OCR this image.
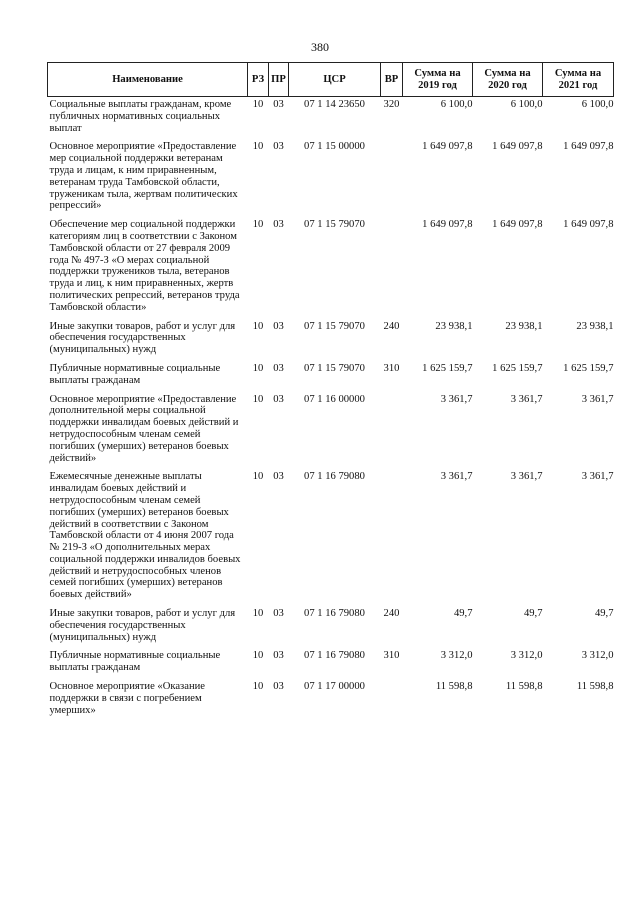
380
Наименование	РЗ	ПР	ЦСР	ВР	Сумма на 2019 год	Сумма на 2020 год	Сумма на 2021 год
Социальные выплаты гражданам, кроме публичных нормативных социальных выплат	10	03	07 1 14 23650	320	6 100,0	6 100,0	6 100,0
Основное мероприятие «Предоставление мер социальной поддержки ветеранам труда и лицам, к ним приравненным, ветеранам труда Тамбовской области, труженикам тыла, жертвам политических репрессий»	10	03	07 1 15 00000		1 649 097,8	1 649 097,8	1 649 097,8
Обеспечение мер социальной поддержки категориям лиц в соответствии с Законом Тамбовской области от 27 февраля 2009 года № 497-З «О мерах социальной поддержки тружеников тыла, ветеранов труда и лиц, к ним приравненных, жертв политических репрессий, ветеранов труда Тамбовской области»	10	03	07 1 15 79070		1 649 097,8	1 649 097,8	1 649 097,8
Иные закупки товаров, работ и услуг для обеспечения государственных (муниципальных) нужд	10	03	07 1 15 79070	240	23 938,1	23 938,1	23 938,1
Публичные нормативные социальные выплаты гражданам	10	03	07 1 15 79070	310	1 625 159,7	1 625 159,7	1 625 159,7
Основное мероприятие «Предоставление дополнительной меры социальной поддержки инвалидам боевых действий и нетрудоспособным членам семей погибших (умерших) ветеранов боевых действий»	10	03	07 1 16 00000		3 361,7	3 361,7	3 361,7
Ежемесячные денежные выплаты инвалидам боевых действий и нетрудоспособным членам семей погибших (умерших) ветеранов боевых действий в соответствии с Законом Тамбовской области от 4 июня 2007 года № 219-З «О дополнительных мерах социальной поддержки инвалидов боевых действий и нетрудоспособных членов семей погибших (умерших) ветеранов боевых действий»	10	03	07 1 16 79080		3 361,7	3 361,7	3 361,7
Иные закупки товаров, работ и услуг для обеспечения государственных (муниципальных) нужд	10	03	07 1 16 79080	240	49,7	49,7	49,7
Публичные нормативные социальные выплаты гражданам	10	03	07 1 16 79080	310	3 312,0	3 312,0	3 312,0
Основное мероприятие «Оказание поддержки в связи с погребением умерших»	10	03	07 1 17 00000		11 598,8	11 598,8	11 598,8
